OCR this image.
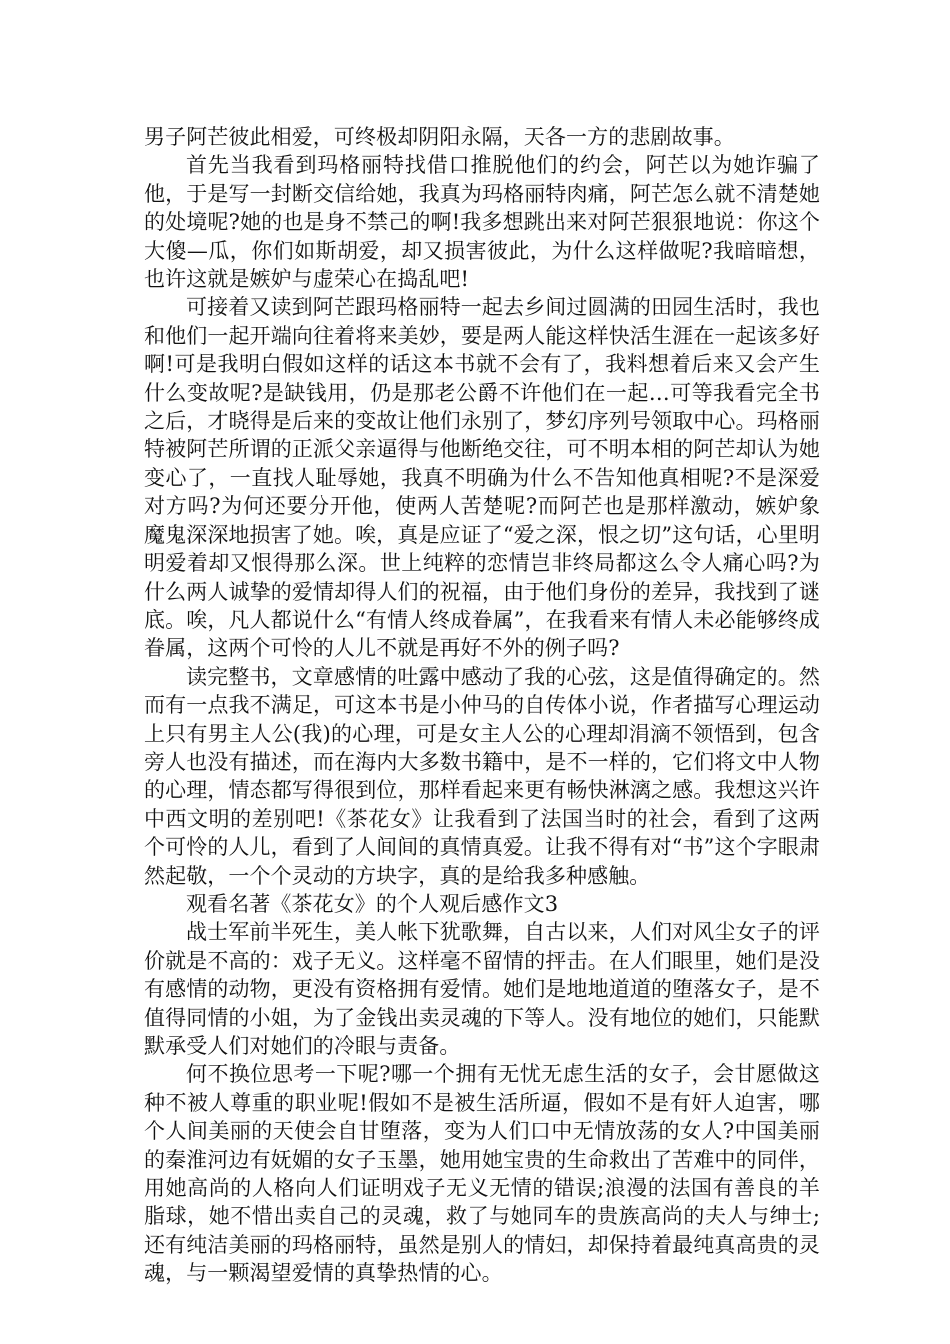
男子阿芒彼此相爱，可终极却阴阳永隔，天各一方的悲剧故事。

首先当我看到玛格丽特找借口推脱他们的约会，阿芒以为她诈骗了他，于是写一封断交信给她，我真为玛格丽特肉痛，阿芒怎么就不清楚她的处境呢?她的也是身不禁己的啊!我多想跳出来对阿芒狠狠地说：你这个大傻—瓜，你们如斯胡爱，却又损害彼此，为什么这样做呢?我暗暗想，也许这就是嫉妒与虚荣心在捣乱吧!

可接着又读到阿芒跟玛格丽特一起去乡间过圆满的田园生活时，我也和他们一起开端向往着将来美妙，要是两人能这样快活生涯在一起该多好啊!可是我明白假如这样的话这本书就不会有了，我料想着后来又会产生什么变故呢?是缺钱用，仍是那老公爵不许他们在一起…可等我看完全书之后，才晓得是后来的变故让他们永别了，梦幻序列号领取中心。玛格丽特被阿芒所谓的正派父亲逼得与他断绝交往，可不明本相的阿芒却认为她变心了，一直找人耻辱她，我真不明确为什么不告知他真相呢?不是深爱对方吗?为何还要分开他，使两人苦楚呢?而阿芒也是那样激动，嫉妒象魔鬼深深地损害了她。唉，真是应证了“爱之深，恨之切”这句话，心里明明爱着却又恨得那么深。世上纯粹的恋情岂非终局都这么令人痛心吗?为什么两人诚挚的爱情却得人们的祝福，由于他们身份的差异，我找到了谜底。唉，凡人都说什么“有情人终成眷属”，在我看来有情人未必能够终成眷属，这两个可怜的人儿不就是再好不外的例子吗?

读完整书，文章感情的吐露中感动了我的心弦，这是值得确定的。然而有一点我不满足，可这本书是小仲马的自传体小说，作者描写心理运动上只有男主人公(我)的心理，可是女主人公的心理却涓滴不领悟到，包含旁人也没有描述，而在海内大多数书籍中，是不一样的，它们将文中人物的心理，情态都写得很到位，那样看起来更有畅快淋漓之感。我想这兴许中西文明的差别吧!《茶花女》让我看到了法国当时的社会，看到了这两个可怜的人儿，看到了人间间的真情真爱。让我不得有对“书”这个字眼肃然起敬，一个个灵动的方块字，真的是给我多种感触。

观看名著《茶花女》的个人观后感作文3

战士军前半死生，美人帐下犹歌舞，自古以来，人们对风尘女子的评价就是不高的：戏子无义。这样毫不留情的抨击。在人们眼里，她们是没有感情的动物，更没有资格拥有爱情。她们是地地道道的堕落女子，是不值得同情的小姐，为了金钱出卖灵魂的下等人。没有地位的她们，只能默默承受人们对她们的冷眼与责备。

何不换位思考一下呢?哪一个拥有无忧无虑生活的女子，会甘愿做这种不被人尊重的职业呢!假如不是被生活所逼，假如不是有奸人迫害，哪个人间美丽的天使会自甘堕落，变为人们口中无情放荡的女人?中国美丽的秦淮河边有妩媚的女子玉墨，她用她宝贵的生命救出了苦难中的同伴，用她高尚的人格向人们证明戏子无义无情的错误;浪漫的法国有善良的羊脂球，她不惜出卖自己的灵魂，救了与她同车的贵族高尚的夫人与绅士;还有纯洁美丽的玛格丽特，虽然是别人的情妇，却保持着最纯真高贵的灵魂，与一颗渴望爱情的真挚热情的心。
